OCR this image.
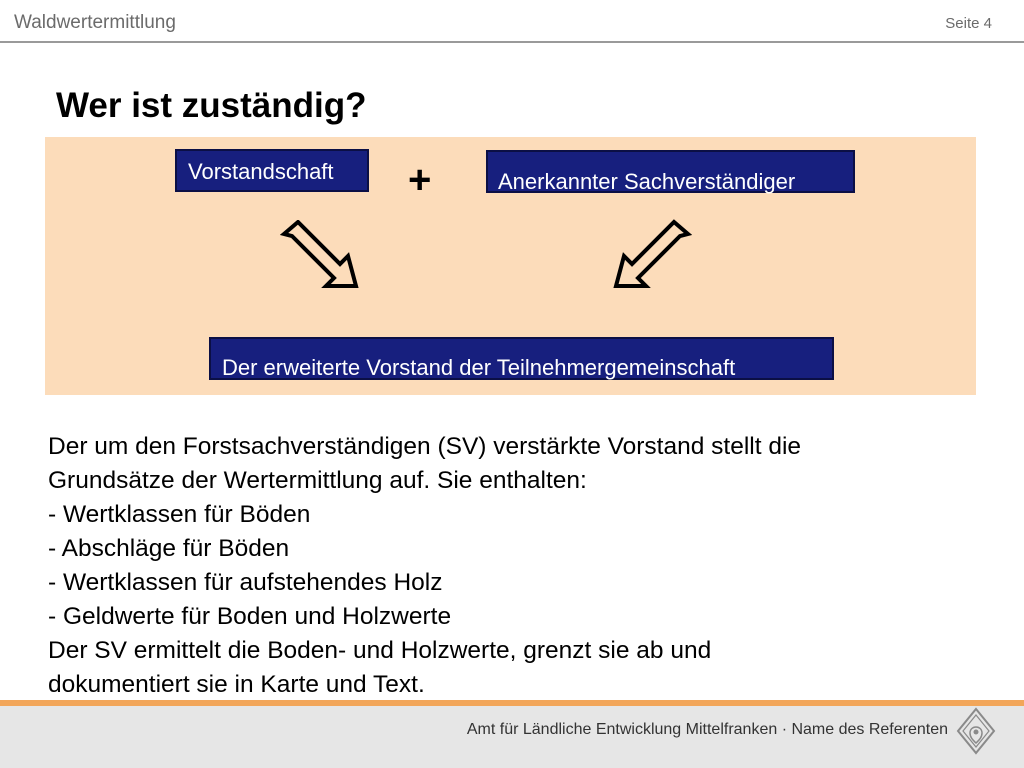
Waldwertermittlung	Seite 4
Wer ist zuständig?
Vorstandschaft	+	Anerkannter Sachverständiger
Der erweiterte Vorstand der Teilnehmergemeinschaft
Der um den Forstsachverständigen (SV) verstärkte Vorstand stellt die
Grundsätze der Wertermittlung auf. Sie enthalten:
- Wertklassen für Böden
- Abschläge für Böden
- Wertklassen für aufstehendes Holz
- Geldwerte für Boden und Holzwerte
Der SV ermittelt die Boden- und Holzwerte, grenzt sie ab und
dokumentiert sie in Karte und Text.
Amt für Ländliche Entwicklung Mittelfranken · Name des Referenten
